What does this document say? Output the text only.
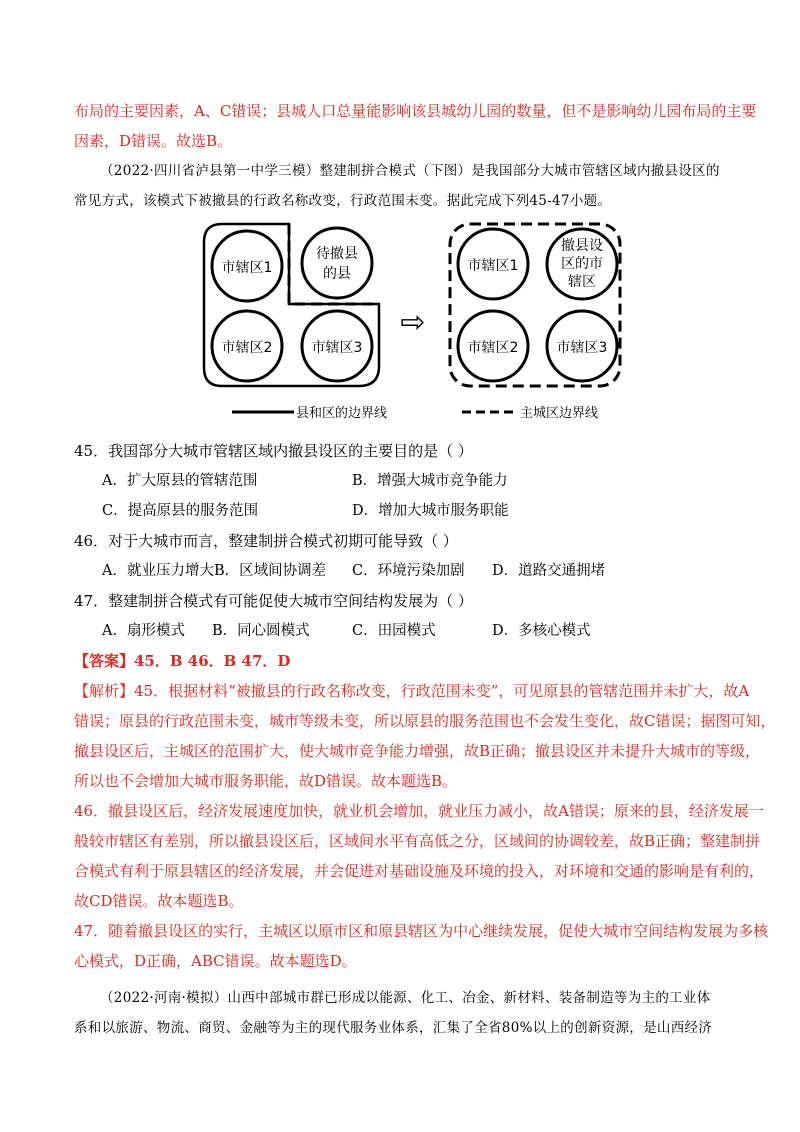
布局的主要因素，A、C错误；县城人口总量能影响该县城幼儿园的数量，但不是影响幼儿园布局的主要
因素，D错误。故选B。
（2022·四川省泸县第一中学三模）整建制拼合模式（下图）是我国部分大城市管辖区域内撤县设区的
常见方式，该模式下被撤县的行政名称改变，行政范围未变。据此完成下列45-47小题。
市辖区1
待撤县
的县
市辖区2	市辖区3
⇨
市辖区1
撤县设
区的市
辖区
市辖区2	市辖区3
县和区的边界线	主城区边界线
45．我国部分大城市管辖区域内撤县设区的主要目的是（ ）
A．扩大原县的管辖范围	B．增强大城市竞争能力
C．提高原县的服务范围	D．增加大城市服务职能
46．对于大城市而言，整建制拼合模式初期可能导致（ ）
A．就业压力增大B．区域间协调差 C．环境污染加剧 D．道路交通拥堵
47．整建制拼合模式有可能促使大城市空间结构发展为（ ）
A．扇形模式 B．同心圆模式	C．田园模式	D．多核心模式
【答案】45．B 46．B 47．D
【解析】45．根据材料“被撤县的行政名称改变，行政范围未变”，可见原县的管辖范围并未扩大，故A
错误；原县的行政范围未变，城市等级未变，所以原县的服务范围也不会发生变化，故C错误；据图可知，
撤县设区后，主城区的范围扩大，使大城市竞争能力增强，故B正确；撤县设区并未提升大城市的等级，
所以也不会增加大城市服务职能，故D错误。故本题选B。
46．撤县设区后，经济发展速度加快，就业机会增加，就业压力减小，故A错误；原来的县，经济发展一
般较市辖区有差别，所以撤县设区后，区域间水平有高低之分，区域间的协调较差，故B正确；整建制拼
合模式有利于原县辖区的经济发展，并会促进对基础设施及环境的投入，对环境和交通的影响是有利的，
故CD错误。故本题选B。
47．随着撤县设区的实行，主城区以原市区和原县辖区为中心继续发展，促使大城市空间结构发展为多核
心模式，D正确，ABC错误。故本题选D。
（2022·河南·模拟）山西中部城市群已形成以能源、化工、冶金、新材料、装备制造等为主的工业体
系和以旅游、物流、商贸、金融等为主的现代服务业体系，汇集了全省80%以上的创新资源，是山西经济
